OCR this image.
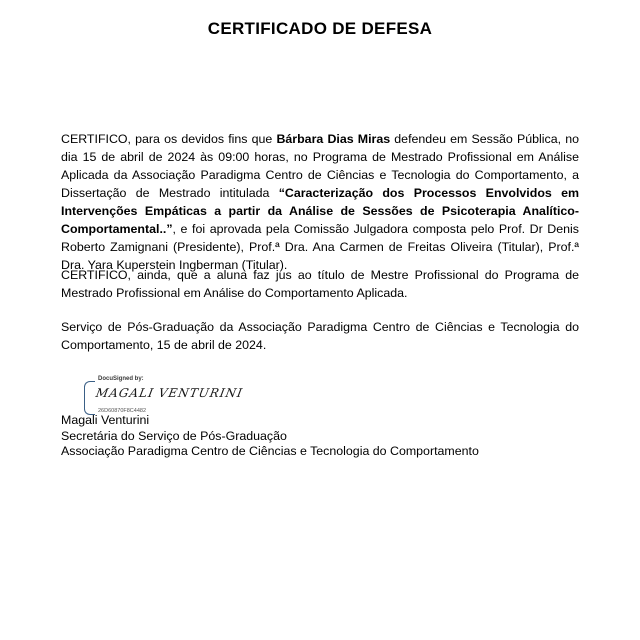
CERTIFICADO DE DEFESA

CERTIFICO, para os devidos fins que Bárbara Dias Miras defendeu em Sessão Pública, no dia 15 de abril de 2024 às 09:00 horas, no Programa de Mestrado Profissional em Análise Aplicada da Associação Paradigma Centro de Ciências e Tecnologia do Comportamento, a Dissertação de Mestrado intitulada “Caracterização dos Processos Envolvidos em Intervenções Empáticas a partir da Análise de Sessões de Psicoterapia Analítico-Comportamental..”, e foi aprovada pela Comissão Julgadora composta pelo Prof. Dr Denis Roberto Zamignani (Presidente), Prof.ª Dra. Ana Carmen de Freitas Oliveira (Titular), Prof.ª Dra. Yara Kuperstein Ingberman (Titular).

CERTIFICO, ainda, que a aluna faz jus ao título de Mestre Profissional do Programa de Mestrado Profissional em Análise do Comportamento Aplicada.

Serviço de Pós-Graduação da Associação Paradigma Centro de Ciências e Tecnologia do Comportamento, 15 de abril de 2024.

DocuSigned by:
MAGALI VENTURINI
26D60870F8C4482
Magali Venturini
Secretária do Serviço de Pós-Graduação
Associação Paradigma Centro de Ciências e Tecnologia do Comportamento
